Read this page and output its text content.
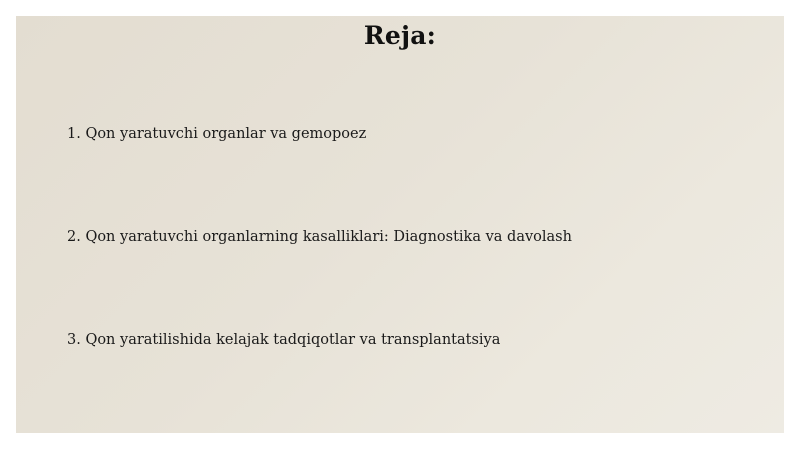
Reja:
1. Qon yaratuvchi organlar va gemopoez
2. Qon yaratuvchi organlarning kasalliklari: Diagnostika va davolash
3. Qon yaratilishida kelajak tadqiqotlar va transplantatsiya
